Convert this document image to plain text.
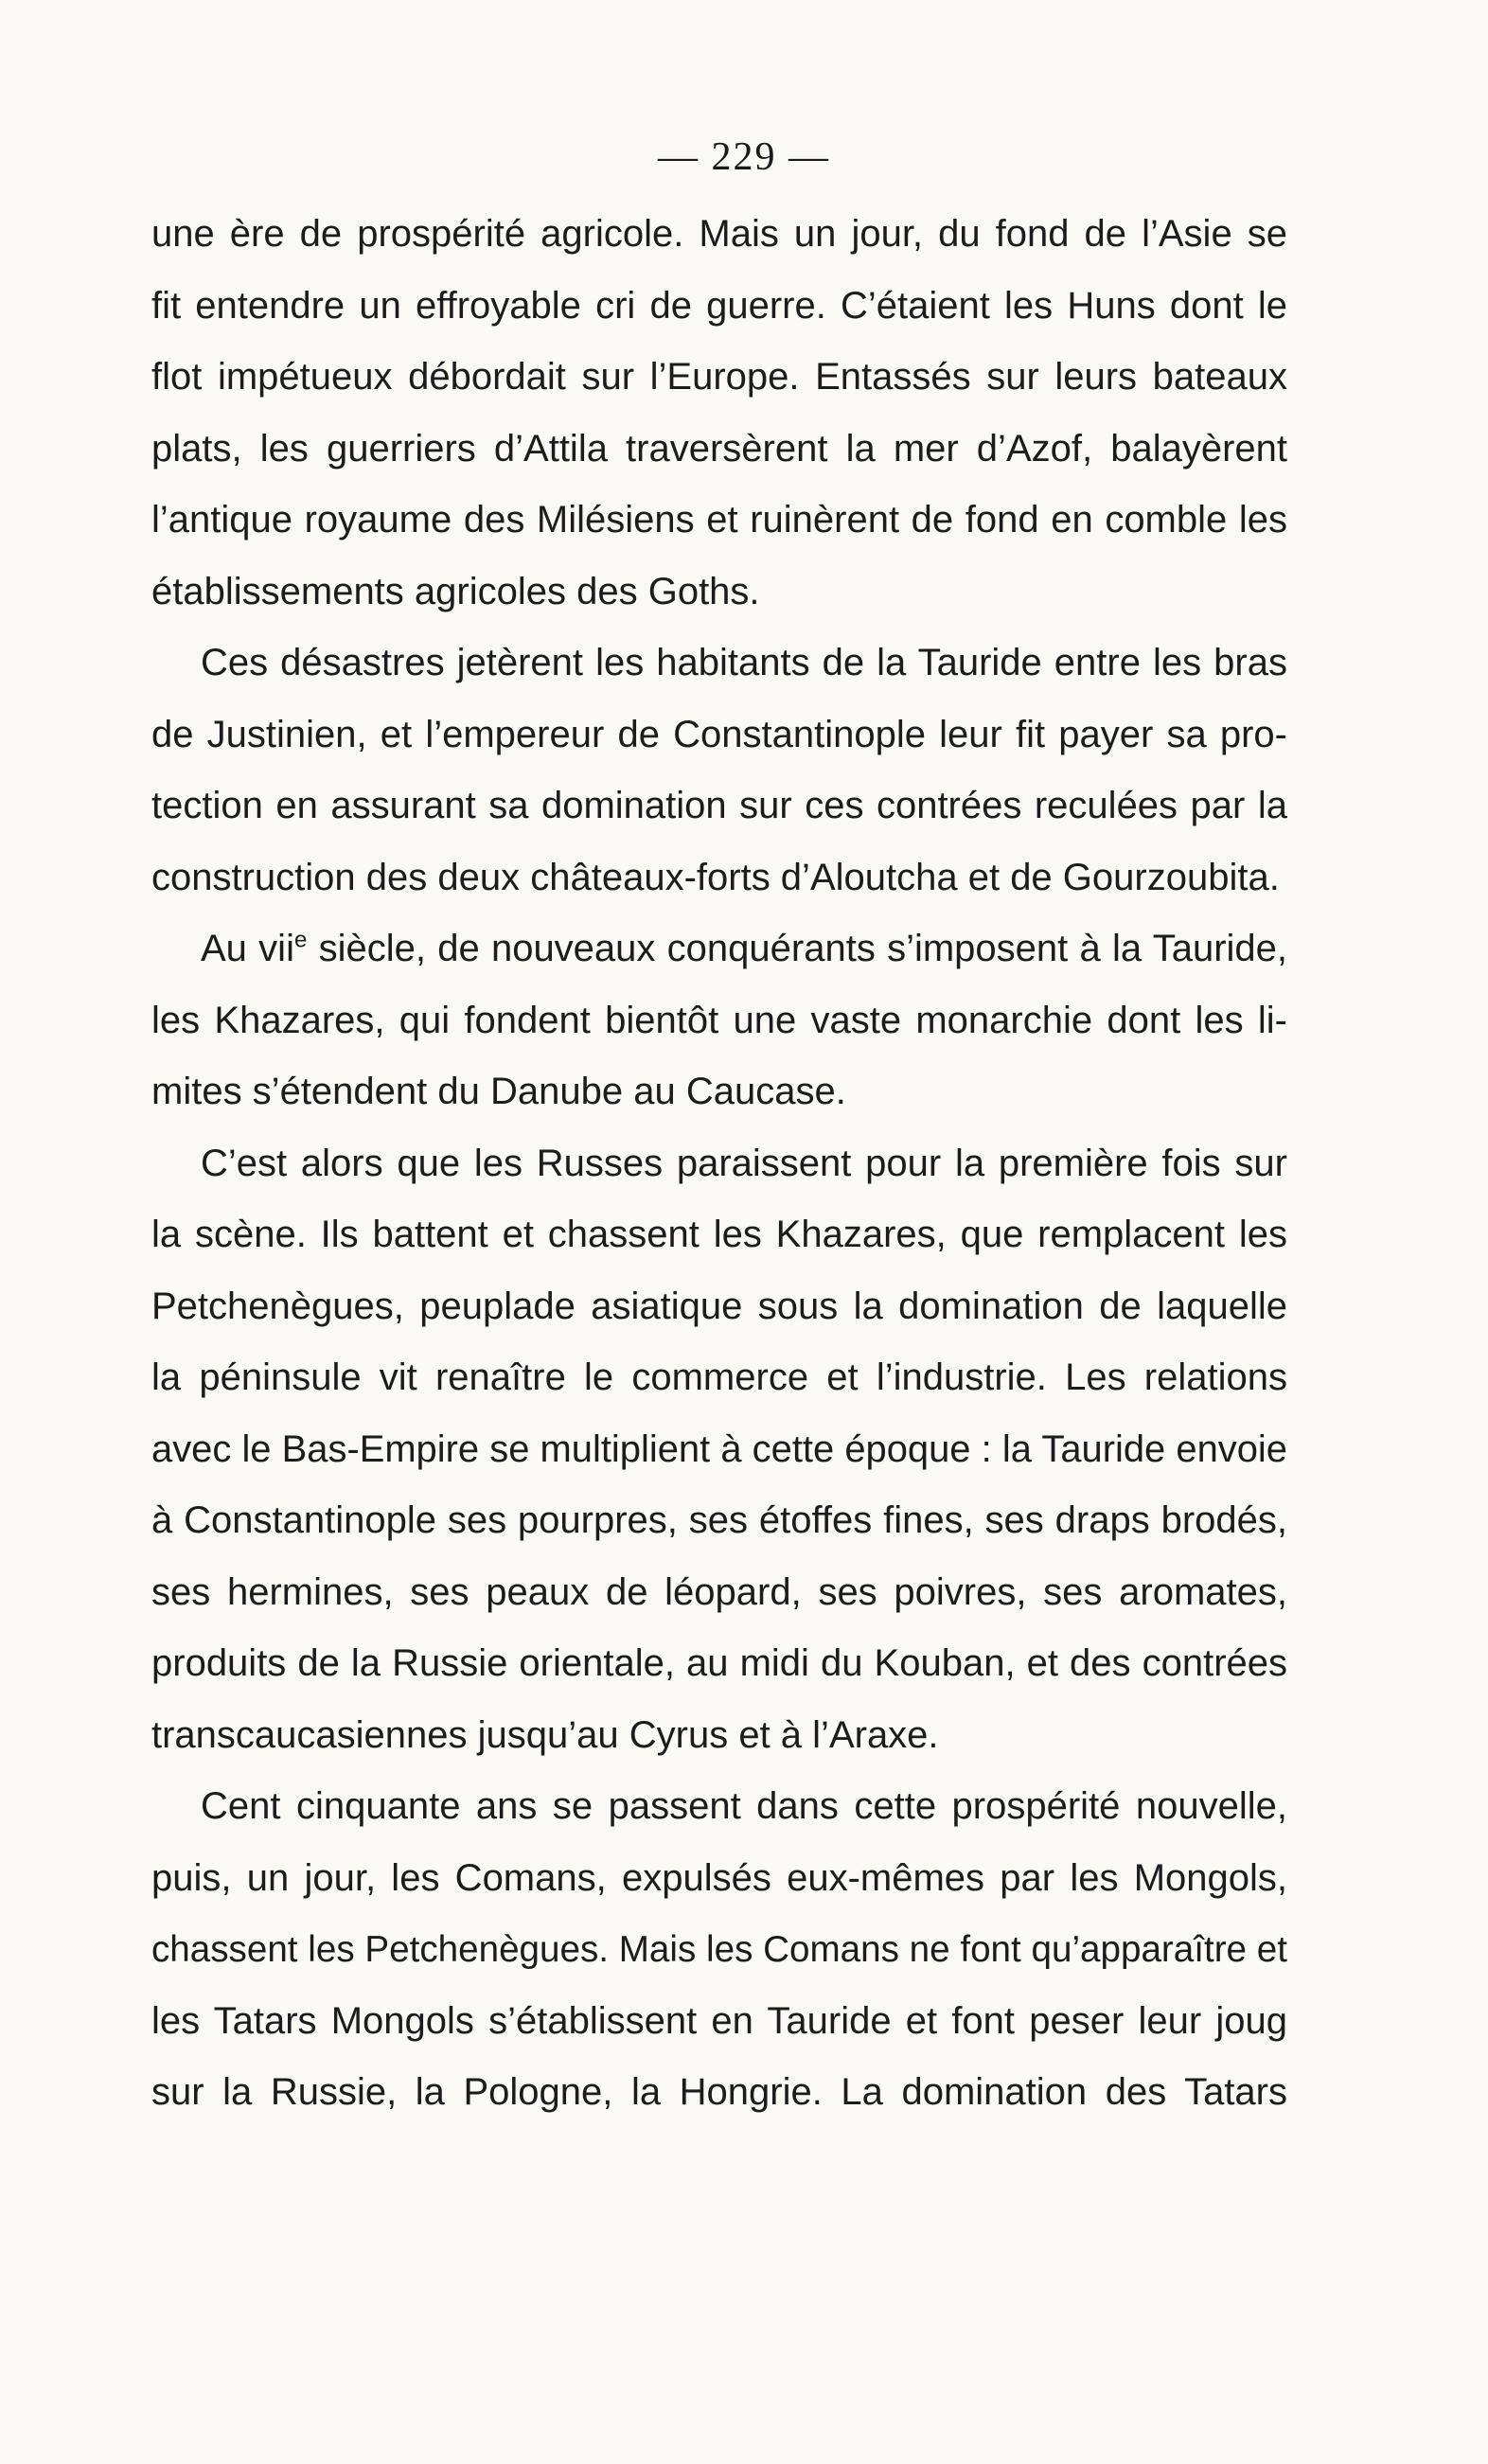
— 229 —
une ère de prospérité agricole. Mais un jour, du fond de l’Asie se
fit entendre un effroyable cri de guerre. C’étaient les Huns dont le
flot impétueux débordait sur l’Europe. Entassés sur leurs bateaux
plats, les guerriers d’Attila traversèrent la mer d’Azof, balayèrent
l’antique royaume des Milésiens et ruinèrent de fond en comble les
établissements agricoles des Goths.
Ces désastres jetèrent les habitants de la Tauride entre les bras
de Justinien, et l’empereur de Constantinople leur fit payer sa pro-
tection en assurant sa domination sur ces contrées reculées par la
construction des deux châteaux-forts d’Aloutcha et de Gourzoubita.
Au vii$^e$ siècle, de nouveaux conquérants s’imposent à la Tauride,
les Khazares, qui fondent bientôt une vaste monarchie dont les li-
mites s’étendent du Danube au Caucase.
C’est alors que les Russes paraissent pour la première fois sur
la scène. Ils battent et chassent les Khazares, que remplacent les
Petchenègues, peuplade asiatique sous la domination de laquelle
la péninsule vit renaître le commerce et l’industrie. Les relations
avec le Bas-Empire se multiplient à cette époque : la Tauride envoie
à Constantinople ses pourpres, ses étoffes fines, ses draps brodés,
ses hermines, ses peaux de léopard, ses poivres, ses aromates,
produits de la Russie orientale, au midi du Kouban, et des contrées
transcaucasiennes jusqu’au Cyrus et à l’Araxe.
Cent cinquante ans se passent dans cette prospérité nouvelle,
puis, un jour, les Comans, expulsés eux-mêmes par les Mongols,
chassent les Petchenègues. Mais les Comans ne font qu’apparaître et
les Tatars Mongols s’établissent en Tauride et font peser leur joug
sur la Russie, la Pologne, la Hongrie. La domination des Tatars
